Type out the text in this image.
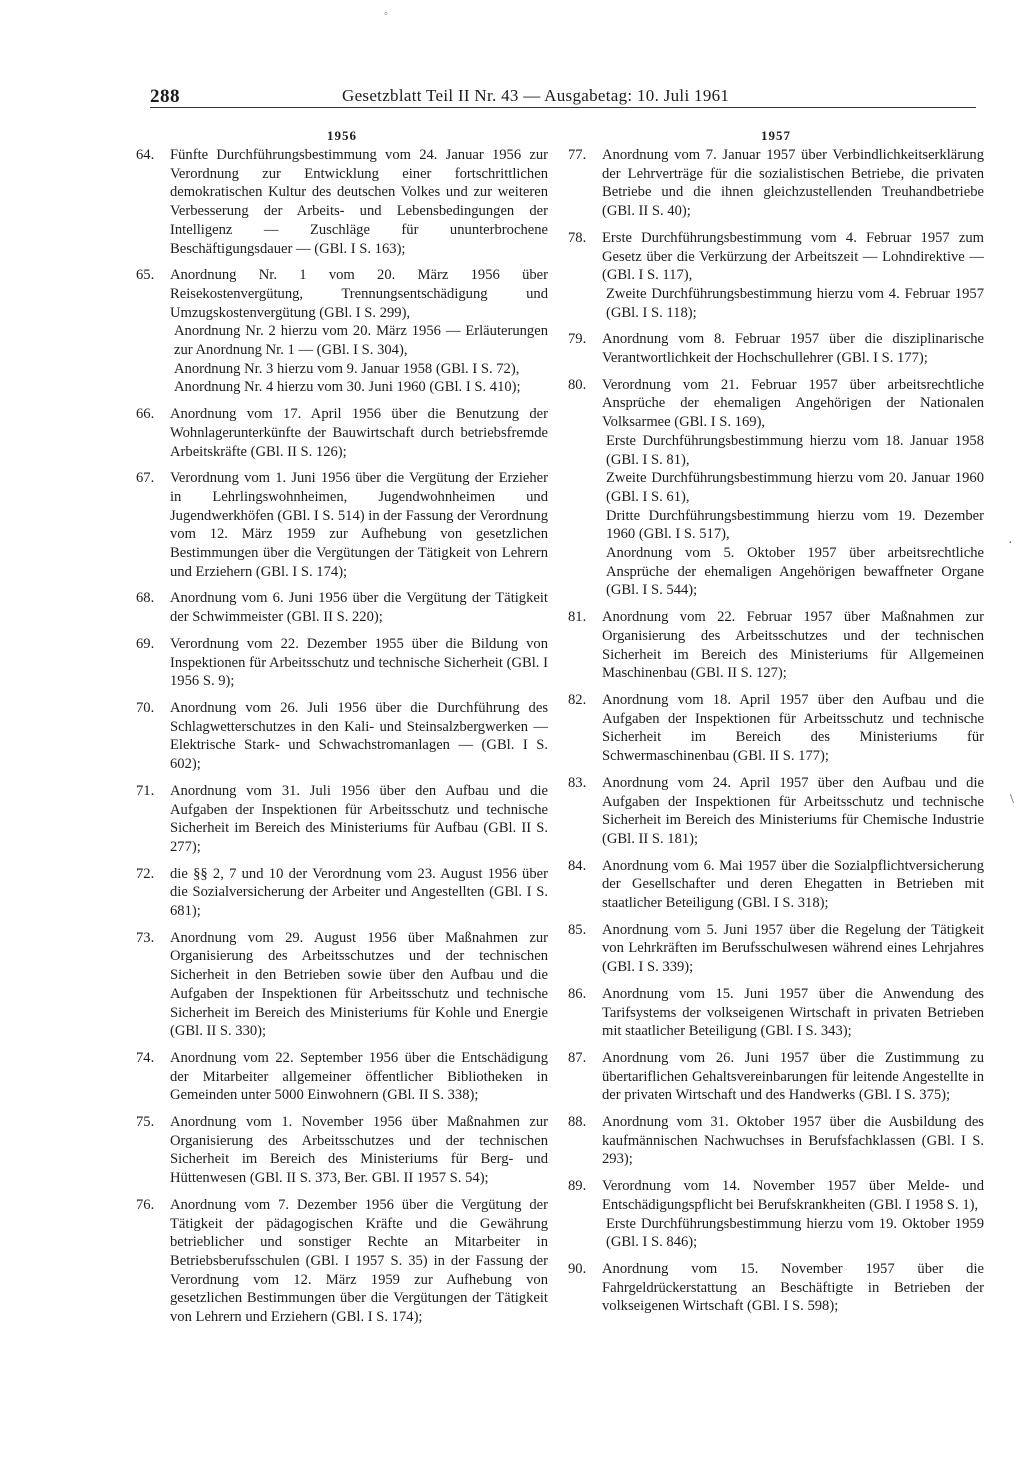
◦
288	Gesetzblatt Teil II Nr. 43 — Ausgabetag: 10. Juli 1961
1956
64. Fünfte Durchführungsbestimmung vom 24. Januar 1956 zur Verordnung zur Entwicklung einer fortschrittlichen demokratischen Kultur des deutschen Volkes und zur weiteren Verbesserung der Arbeits- und Lebensbedingungen der Intelligenz — Zuschläge für ununterbrochene Beschäftigungsdauer — (GBl. I S. 163);
65. Anordnung Nr. 1 vom 20. März 1956 über Reisekostenvergütung, Trennungsentschädigung und Umzugskostenvergütung (GBl. I S. 299),
Anordnung Nr. 2 hierzu vom 20. März 1956 — Erläuterungen zur Anordnung Nr. 1 — (GBl. I S. 304),
Anordnung Nr. 3 hierzu vom 9. Januar 1958 (GBl. I S. 72),
Anordnung Nr. 4 hierzu vom 30. Juni 1960 (GBl. I S. 410);
66. Anordnung vom 17. April 1956 über die Benutzung der Wohnlagerunterkünfte der Bauwirtschaft durch betriebsfremde Arbeitskräfte (GBl. II S. 126);
67. Verordnung vom 1. Juni 1956 über die Vergütung der Erzieher in Lehrlingswohnheimen, Jugendwohnheimen und Jugendwerkhöfen (GBl. I S. 514) in der Fassung der Verordnung vom 12. März 1959 zur Aufhebung von gesetzlichen Bestimmungen über die Vergütungen der Tätigkeit von Lehrern und Erziehern (GBl. I S. 174);
68. Anordnung vom 6. Juni 1956 über die Vergütung der Tätigkeit der Schwimmeister (GBl. II S. 220);
69. Verordnung vom 22. Dezember 1955 über die Bildung von Inspektionen für Arbeitsschutz und technische Sicherheit (GBl. I 1956 S. 9);
70. Anordnung vom 26. Juli 1956 über die Durchführung des Schlagwetterschutzes in den Kali- und Steinsalzbergwerken — Elektrische Stark- und Schwachstromanlagen — (GBl. I S. 602);
71. Anordnung vom 31. Juli 1956 über den Aufbau und die Aufgaben der Inspektionen für Arbeitsschutz und technische Sicherheit im Bereich des Ministeriums für Aufbau (GBl. II S. 277);
72. die §§ 2, 7 und 10 der Verordnung vom 23. August 1956 über die Sozialversicherung der Arbeiter und Angestellten (GBl. I S. 681);
73. Anordnung vom 29. August 1956 über Maßnahmen zur Organisierung des Arbeitsschutzes und der technischen Sicherheit in den Betrieben sowie über den Aufbau und die Aufgaben der Inspektionen für Arbeitsschutz und technische Sicherheit im Bereich des Ministeriums für Kohle und Energie (GBl. II S. 330);
74. Anordnung vom 22. September 1956 über die Entschädigung der Mitarbeiter allgemeiner öffentlicher Bibliotheken in Gemeinden unter 5000 Einwohnern (GBl. II S. 338);
75. Anordnung vom 1. November 1956 über Maßnahmen zur Organisierung des Arbeitsschutzes und der technischen Sicherheit im Bereich des Ministeriums für Berg- und Hüttenwesen (GBl. II S. 373, Ber. GBl. II 1957 S. 54);
76. Anordnung vom 7. Dezember 1956 über die Vergütung der Tätigkeit der pädagogischen Kräfte und die Gewährung betrieblicher und sonstiger Rechte an Mitarbeiter in Betriebsberufsschulen (GBl. I 1957 S. 35) in der Fassung der Verordnung vom 12. März 1959 zur Aufhebung von gesetzlichen Bestimmungen über die Vergütungen der Tätigkeit von Lehrern und Erziehern (GBl. I S. 174);
1957
77. Anordnung vom 7. Januar 1957 über Verbindlichkeitserklärung der Lehrverträge für die sozialistischen Betriebe, die privaten Betriebe und die ihnen gleichzustellenden Treuhandbetriebe (GBl. II S. 40);
78. Erste Durchführungsbestimmung vom 4. Februar 1957 zum Gesetz über die Verkürzung der Arbeitszeit — Lohndirektive — (GBl. I S. 117),
Zweite Durchführungsbestimmung hierzu vom 4. Februar 1957 (GBl. I S. 118);
79. Anordnung vom 8. Februar 1957 über die disziplinarische Verantwortlichkeit der Hochschullehrer (GBl. I S. 177);
80. Verordnung vom 21. Februar 1957 über arbeitsrechtliche Ansprüche der ehemaligen Angehörigen der Nationalen Volksarmee (GBl. I S. 169),
Erste Durchführungsbestimmung hierzu vom 18. Januar 1958 (GBl. I S. 81),
Zweite Durchführungsbestimmung hierzu vom 20. Januar 1960 (GBl. I S. 61),
Dritte Durchführungsbestimmung hierzu vom 19. Dezember 1960 (GBl. I S. 517),
Anordnung vom 5. Oktober 1957 über arbeitsrechtliche Ansprüche der ehemaligen Angehörigen bewaffneter Organe (GBl. I S. 544);
81. Anordnung vom 22. Februar 1957 über Maßnahmen zur Organisierung des Arbeitsschutzes und der technischen Sicherheit im Bereich des Ministeriums für Allgemeinen Maschinenbau (GBl. II S. 127);
82. Anordnung vom 18. April 1957 über den Aufbau und die Aufgaben der Inspektionen für Arbeitsschutz und technische Sicherheit im Bereich des Ministeriums für Schwermaschinenbau (GBl. II S. 177);
83. Anordnung vom 24. April 1957 über den Aufbau und die Aufgaben der Inspektionen für Arbeitsschutz und technische Sicherheit im Bereich des Ministeriums für Chemische Industrie (GBl. II S. 181);
84. Anordnung vom 6. Mai 1957 über die Sozialpflichtversicherung der Gesellschafter und deren Ehegatten in Betrieben mit staatlicher Beteiligung (GBl. I S. 318);
85. Anordnung vom 5. Juni 1957 über die Regelung der Tätigkeit von Lehrkräften im Berufsschulwesen während eines Lehrjahres (GBl. I S. 339);
86. Anordnung vom 15. Juni 1957 über die Anwendung des Tarifsystems der volkseigenen Wirtschaft in privaten Betrieben mit staatlicher Beteiligung (GBl. I S. 343);
87. Anordnung vom 26. Juni 1957 über die Zustimmung zu übertariflichen Gehaltsvereinbarungen für leitende Angestellte in der privaten Wirtschaft und des Handwerks (GBl. I S. 375);
88. Anordnung vom 31. Oktober 1957 über die Ausbildung des kaufmännischen Nachwuchses in Berufsfachklassen (GBl. I S. 293);
89. Verordnung vom 14. November 1957 über Melde- und Entschädigungspflicht bei Berufskrankheiten (GBl. I 1958 S. 1),
Erste Durchführungsbestimmung hierzu vom 19. Oktober 1959 (GBl. I S. 846);
90. Anordnung vom 15. November 1957 über die Fahrgeldrückerstattung an Beschäftigte in Betrieben der volkseigenen Wirtschaft (GBl. I S. 598);
·
\
